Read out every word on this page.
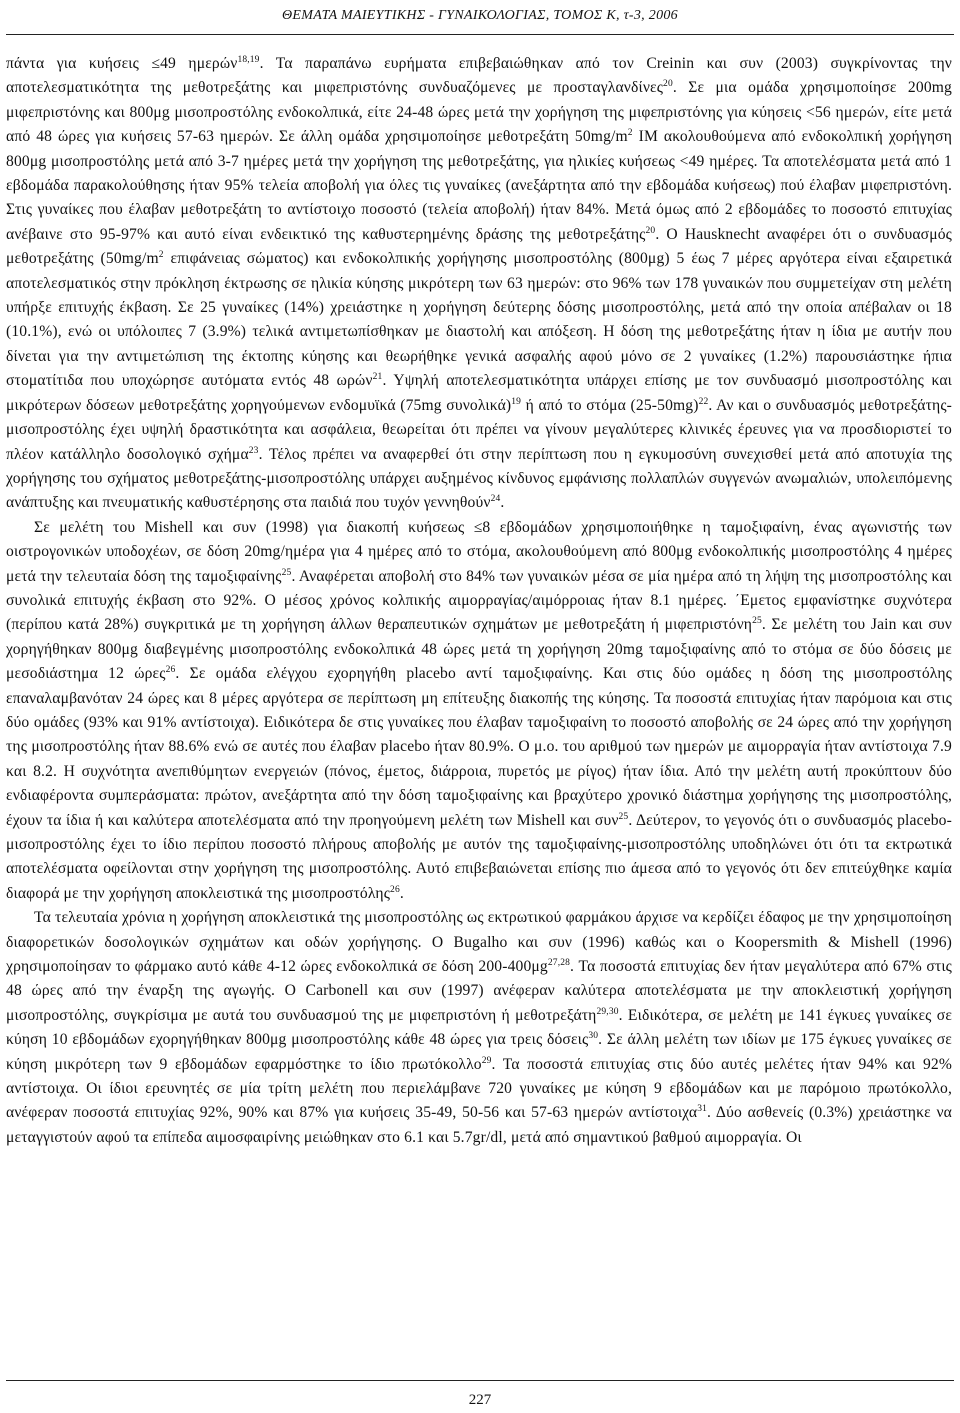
ΘΕΜΑΤΑ ΜΑΙΕΥΤΙΚΗΣ - ΓΥΝΑΙΚΟΛΟΓΙΑΣ, ΤΟΜΟΣ Κ, τ-3, 2006

πάντα για κυήσεις ≤49 ημερών$^{18,19}$. Τα παραπάνω ευρήματα επιβεβαιώθηκαν από τον Creinin και συν (2003) συγκρίνοντας την αποτελεσματικότητα της μεθοτρεξάτης και μιφεπριστόνης συνδυαζόμενες με προσταγλανδίνες$^{20}$. Σε μια ομάδα χρησιμοποίησε 200mg μιφεπριστόνης και 800μg μισοπροστόλης ενδοκολπικά, είτε 24-48 ώρες μετά την χορήγηση της μιφεπριστόνης για κύησεις <56 ημερών, είτε μετά από 48 ώρες για κυήσεις 57-63 ημερών. Σε άλλη ομάδα χρησιμοποίησε μεθοτρεξάτη $50mg/m^2$ IM ακολουθούμενα από ενδοκολπική χορήγηση 800μg μισοπροστόλης μετά από 3-7 ημέρες μετά την χορήγηση της μεθοτρεξάτης, για ηλικίες κυήσεως <49 ημέρες. Τα αποτελέσματα μετά από 1 εβδομάδα παρακολούθησης ήταν 95% τελεία αποβολή για όλες τις γυναίκες (ανεξάρτητα από την εβδομάδα κυήσεως) πού έλαβαν μιφεπριστόνη. Στις γυναίκες που έλαβαν μεθοτρεξάτη το αντίστοιχο ποσοστό (τελεία αποβολή) ήταν 84%. Μετά όμως από 2 εβδομάδες το ποσοστό επιτυχίας ανέβαινε στο 95-97% και αυτό είναι ενδεικτικό της καθυστερημένης δράσης της μεθοτρεξάτης$^{20}$. Ο Hausknecht αναφέρει ότι ο συνδυασμός μεθοτρεξάτης ($50mg/m^2$ επιφάνειας σώματος) και ενδοκολπικής χορήγησης μισοπροστόλης (800μg) 5 έως 7 μέρες αργότερα είναι εξαιρετικά αποτελεσματικός στην πρόκληση έκτρωσης σε ηλικία κύησης μικρότερη των 63 ημερών: στο 96% των 178 γυναικών που συμμετείχαν στη μελέτη υπήρξε επιτυχής έκβαση. Σε 25 γυναίκες (14%) χρειάστηκε η χορήγηση δεύτερης δόσης μισοπροστόλης, μετά από την οποία απέβαλαν οι 18 (10.1%), ενώ οι υπόλοιπες 7 (3.9%) τελικά αντιμετωπίσθηκαν με διαστολή και απόξεση. Η δόση της μεθοτρεξάτης ήταν η ίδια με αυτήν που δίνεται για την αντιμετώπιση της έκτοπης κύησης και θεωρήθηκε γενικά ασφαλής αφού μόνο σε 2 γυναίκες (1.2%) παρουσιάστηκε ήπια στοματίτιδα που υποχώρησε αυτόματα εντός 48 ωρών$^{21}$. Υψηλή αποτελεσματικότητα υπάρχει επίσης με τον συνδυασμό μισοπροστόλης και μικρότερων δόσεων μεθοτρεξάτης χορηγούμενων ενδομυϊκά (75mg συνολικά)$^{19}$ ή από το στόμα $(25-50mg)^{22}$. Αν και ο συνδυασμός μεθοτρεξάτης-μισοπροστόλης έχει υψηλή δραστικότητα και ασφάλεια, θεωρείται ότι πρέπει να γίνουν μεγαλύτερες κλινικές έρευνες για να προσδιοριστεί το πλέον κατάλληλο δοσολογικό σχήμα$^{23}$. Τέλος πρέπει να αναφερθεί ότι στην περίπτωση που η εγκυμοσύνη συνεχισθεί μετά από αποτυχία της χορήγησης του σχήματος μεθοτρεξάτης-μισοπροστόλης υπάρχει αυξημένος κίνδυνος εμφάνισης πολλαπλών συγγενών ανωμαλιών, υπολειπόμενης ανάπτυξης και πνευματικής καθυστέρησης στα παιδιά που τυχόν γεννηθούν$^{24}$.

Σε μελέτη του Mishell και συν (1998) για διακοπή κυήσεως ≤8 εβδομάδων χρησιμοποιήθηκε η ταμοξιφαίνη, ένας αγωνιστής των οιστρογονικών υποδοχέων, σε δόση 20mg/ημέρα για 4 ημέρες από το στόμα, ακολουθούμενη από 800μg ενδοκολπικής μισοπροστόλης 4 ημέρες μετά την τελευταία δόση της ταμοξιφαίνης$^{25}$. Αναφέρεται αποβολή στο 84% των γυναικών μέσα σε μία ημέρα από τη λήψη της μισοπροστόλης και συνολικά επιτυχής έκβαση στο 92%. Ο μέσος χρόνος κολπικής αιμορραγίας/αιμόρροιας ήταν 8.1 ημέρες. ΄Εμετος εμφανίστηκε συχνότερα (περίπου κατά 28%) συγκριτικά με τη χορήγηση άλλων θεραπευτικών σχημάτων με μεθοτρεξάτη ή μιφεπριστόνη$^{25}$. Σε μελέτη του Jain και συν χορηγήθηκαν 800μg διαβεγμένης μισοπροστόλης ενδοκολπικά 48 ώρες μετά τη χορήγηση 20mg ταμοξιφαίνης από το στόμα σε δύο δόσεις με μεσοδιάστημα 12 ώρες$^{26}$. Σε ομάδα ελέγχου εχορηγήθη placebo αντί ταμοξιφαίνης. Και στις δύο ομάδες η δόση της μισοπροστόλης επαναλαμβανόταν 24 ώρες και 8 μέρες αργότερα σε περίπτωση μη επίτευξης διακοπής της κύησης. Τα ποσοστά επιτυχίας ήταν παρόμοια και στις δύο ομάδες (93% και 91% αντίστοιχα). Ειδικότερα δε στις γυναίκες που έλαβαν ταμοξιφαίνη το ποσοστό αποβολής σε 24 ώρες από την χορήγηση της μισοπροστόλης ήταν 88.6% ενώ σε αυτές που έλαβαν placebo ήταν 80.9%. Ο μ.ο. του αριθμού των ημερών με αιμορραγία ήταν αντίστοιχα 7.9 και 8.2. Η συχνότητα ανεπιθύμητων ενεργειών (πόνος, έμετος, διάρροια, πυρετός με ρίγος) ήταν ίδια. Από την μελέτη αυτή προκύπτουν δύο ενδιαφέροντα συμπεράσματα: πρώτον, ανεξάρτητα από την δόση ταμοξιφαίνης και βραχύτερο χρονικό διάστημα χορήγησης της μισοπροστόλης, έχουν τα ίδια ή και καλύτερα αποτελέσματα από την προηγούμενη μελέτη των Mishell και συν$^{25}$. Δεύτερον, το γεγονός ότι ο συνδυασμός placebo-μισοπροστόλης έχει το ίδιο περίπου ποσοστό πλήρους αποβολής με αυτόν της ταμοξιφαίνης-μισοπροστόλης υποδηλώνει ότι ότι τα εκτρωτικά αποτελέσματα οφείλονται στην χορήγηση της μισοπροστόλης. Αυτό επιβεβαιώνεται επίσης πιο άμεσα από το γεγονός ότι δεν επιτεύχθηκε καμία διαφορά με την χορήγηση αποκλειστικά της μισοπροστόλης$^{26}$.

Τα τελευταία χρόνια η χορήγηση αποκλειστικά της μισοπροστόλης ως εκτρωτικού φαρμάκου άρχισε να κερδίζει έδαφος με την χρησιμοποίηση διαφορετικών δοσολογικών σχημάτων και οδών χορήγησης. Ο Bugalho και συν (1996) καθώς και ο Koopersmith & Mishell (1996) χρησιμοποίησαν το φάρμακο αυτό κάθε 4-12 ώρες ενδοκολπικά σε δόση 200-400μg$^{27,28}$. Τα ποσοστά επιτυχίας δεν ήταν μεγαλύτερα από 67% στις 48 ώρες από την έναρξη της αγωγής. Ο Carbonell και συν (1997) ανέφεραν καλύτερα αποτελέσματα με την αποκλειστική χορήγηση μισοπροστόλης, συγκρίσιμα με αυτά του συνδυασμού της με μιφεπριστόνη ή μεθοτρεξάτη$^{29,30}$. Ειδικότερα, σε μελέτη με 141 έγκυες γυναίκες σε κύηση 10 εβδομάδων εχορηγήθηκαν 800μg μισοπροστόλης κάθε 48 ώρες για τρεις δόσεις$^{30}$. Σε άλλη μελέτη των ιδίων με 175 έγκυες γυναίκες σε κύηση μικρότερη των 9 εβδομάδων εφαρμόστηκε το ίδιο πρωτόκολλο$^{29}$. Τα ποσοστά επιτυχίας στις δύο αυτές μελέτες ήταν 94% και 92% αντίστοιχα. Οι ίδιοι ερευνητές σε μία τρίτη μελέτη που περιελάμβανε 720 γυναίκες με κύηση 9 εβδομάδων και με παρόμοιο πρωτόκολλο, ανέφεραν ποσοστά επιτυχίας 92%, 90% και 87% για κυήσεις 35-49, 50-56 και 57-63 ημερών αντίστοιχα$^{31}$. Δύο ασθενείς (0.3%) χρειάστηκε να μεταγγιστούν αφού τα επίπεδα αιμοσφαιρίνης μειώθηκαν στο 6.1 και 5.7gr/dl, μετά από σημαντικού βαθμού αιμορραγία. Οι

227
